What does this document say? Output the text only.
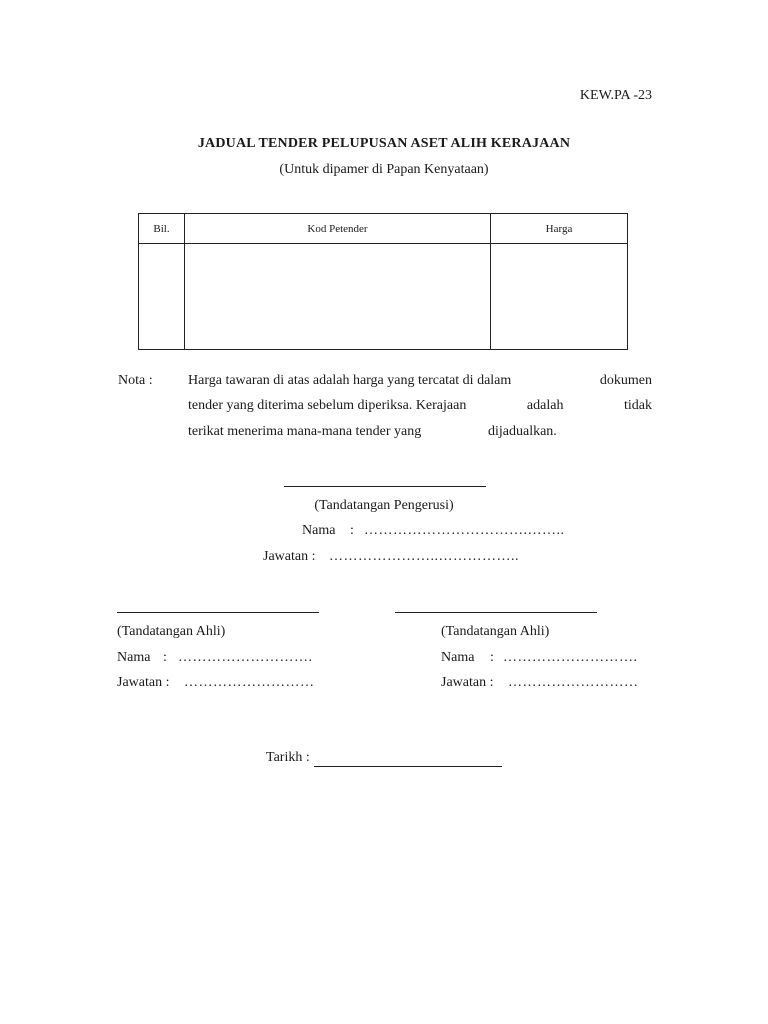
KEW.PA -23
JADUAL TENDER PELUPUSAN ASET ALIH KERAJAAN
(Untuk dipamer di Papan Kenyataan)
Bil.	Kod Petender	Harga

Nota :	Harga tawaran di atas adalah harga yang tercatat di dalam	dokumen
tender yang diterima sebelum diperiksa. Kerajaan	adalah	tidak
terikat menerima mana-mana tender yang	dijadualkan.
(Tandatangan Pengerusi)
Nama : …………………………….……..
Jawatan : …………………..……………..
(Tandatangan Ahli)
Nama : ……………………….
Jawatan : ………………………
(Tandatangan Ahli)
Nama : ……………………….
Jawatan : ………………………
Tarikh :
